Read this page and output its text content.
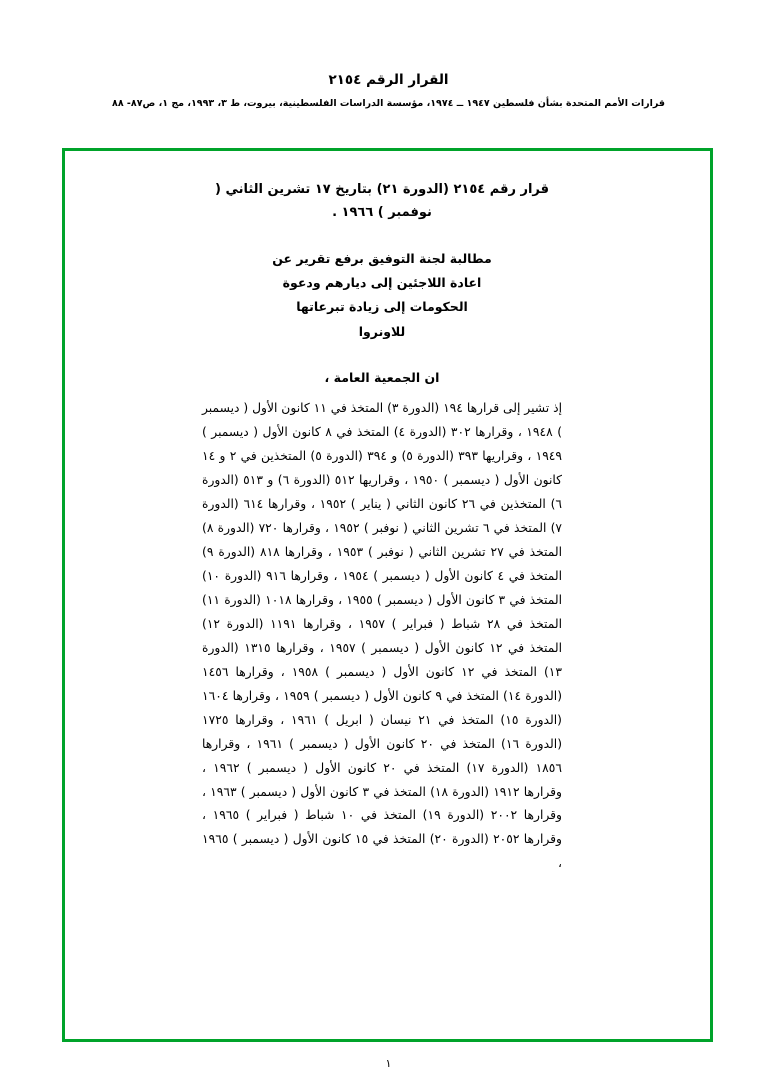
القرار الرقم ٢١٥٤
قرارات الأمم المتحدة بشأن فلسطين ١٩٤٧ ــ ١٩٧٤، مؤسسة الدراسات الفلسطينية، بيروت، ط ٣، ١٩٩٣، مج ١، ص٨٧- ٨٨
قرار رقم ٢١٥٤ (الدورة ٢١) بتاريخ ١٧ تشرين الثاني ( نوفمبر ) ١٩٦٦ .
مطالبة لجنة التوفيق برفع تقرير عن
اعادة اللاجئين إلى ديارهم ودعوة
الحكومات إلى زيادة تبرعاتها
للاونروا
ان الجمعية العامة ،
إذ تشير إلى قرارها ١٩٤ (الدورة ٣) المتخذ في ١١ كانون الأول ( ديسمبر ) ١٩٤٨ ، وقرارها ٣٠٢ (الدورة ٤) المتخذ في ٨ كانون الأول ( ديسمبر ) ١٩٤٩ ، وقراريها ٣٩٣ (الدورة ٥) و ٣٩٤ (الدورة ٥) المتخذين في ٢ و ١٤ كانون الأول ( ديسمبر ) ١٩٥٠ ، وقراريها ٥١٢ (الدورة ٦) و ٥١٣ (الدورة ٦) المتخذين في ٢٦ كانون الثاني ( يناير ) ١٩٥٢ ، وقرارها ٦١٤ (الدورة ٧) المتخذ في ٦ تشرين الثاني ( نوفبر ) ١٩٥٢ ، وقرارها ٧٢٠ (الدورة ٨) المتخذ في ٢٧ تشرين الثاني ( نوفبر ) ١٩٥٣ ، وقرارها ٨١٨ (الدورة ٩) المتخذ في ٤ كانون الأول ( ديسمبر ) ١٩٥٤ ، وقرارها ٩١٦ (الدورة ١٠) المتخذ في ٣ كانون الأول ( ديسمبر ) ١٩٥٥ ، وقرارها ١٠١٨ (الدورة ١١) المتخذ في ٢٨ شباط ( فبراير ) ١٩٥٧ ، وقرارها ١١٩١ (الدورة ١٢) المتخذ في ١٢ كانون الأول ( ديسمبر ) ١٩٥٧ ، وقرارها ١٣١٥ (الدورة ١٣) المتخذ في ١٢ كانون الأول ( ديسمبر ) ١٩٥٨ ، وقرارها ١٤٥٦ (الدورة ١٤) المتخذ في ٩ كانون الأول ( ديسمبر ) ١٩٥٩ ، وقرارها ١٦٠٤ (الدورة ١٥) المتخذ في ٢١ نيسان ( ابريل ) ١٩٦١ ، وقرارها ١٧٢٥ (الدورة ١٦) المتخذ في ٢٠ كانون الأول ( ديسمبر ) ١٩٦١ ، وقرارها ١٨٥٦ (الدورة ١٧) المتخذ في ٢٠ كانون الأول ( ديسمبر ) ١٩٦٢ ، وقرارها ١٩١٢ (الدورة ١٨) المتخذ في ٣ كانون الأول ( ديسمبر ) ١٩٦٣ ، وقرارها ٢٠٠٢ (الدورة ١٩) المتخذ في ١٠ شباط ( فبراير ) ١٩٦٥ ، وقرارها ٢٠٥٢ (الدورة ٢٠) المتخذ في ١٥ كانون الأول ( ديسمبر ) ١٩٦٥ ،
١
